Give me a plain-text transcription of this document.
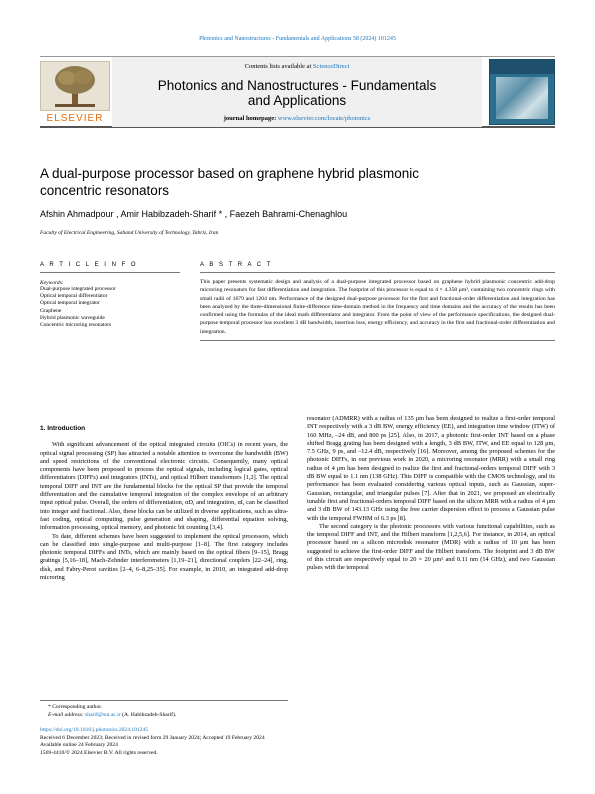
Photonics and Nanostructures - Fundamentals and Applications 58 (2024) 101245
ELSEVIER
Contents lists available at ScienceDirect
Photonics and Nanostructures - Fundamentals
and Applications
journal homepage: www.elsevier.com/locate/photonics
A dual-purpose processor based on graphene hybrid plasmonic
concentric resonators
Afshin Ahmadpour , Amir Habibzadeh-Sharif * , Faezeh Bahrami-Chenaghlou
Faculty of Electrical Engineering, Sahand University of Technology, Tabriz, Iran
A R T I C L E I N F O
Keywords:
Dual-purpose integrated processor
Optical temporal differentiator
Optical temporal integrator
Graphene
Hybrid plasmonic waveguide
Concentric microring resonators
A B S T R A C T
This paper presents systematic design and analysis of a dual-purpose integrated processor based on graphene hybrid plasmonic concentric add-drop microring resonators for fast differentiation and integration. The footprint of this processor is equal to 4 × 4.358 μm², containing two concentric rings with small radii of 1679 and 1204 nm. Performance of the designed dual-purpose processor for the first and fractional-order differentiation and integration has been analyzed by the three-dimensional finite-difference time-domain method in the frequency and time domains and the accuracy of the results has been confirmed using the formulas of the ideal math differentiator and integrator. From the point of view of the performance specifications, the designed dual-purpose temporal processor has excellent 3 dB bandwidth, insertion loss, energy efficiency, and accuracy in the first and fractional-order differentiation and integration.
1. Introduction

With significant advancement of the optical integrated circuits (OICs) in recent years, the optical signal processing (SP) has attracted a notable attention to overcome the bandwidth (BW) and speed restrictions of the conventional electronic circuits. Consequently, many optical components have been proposed to process the optical signals, including logical gates, optical differentiators (DIFFs) and integrators (INTs), and optical Hilbert transformers [1,2]. The optical temporal DIFF and INT are the fundamental blocks for the optical SP that provide the temporal differentiation and the cumulative temporal integration of the complex envelope of an arbitrary input optical pulse. Overall, the orders of differentiation, αD, and integration, αI, can be classified into integer and fractional. Also, these blocks can be utilized in diverse applications, such as ultra-fast coding, optical computing, pulse generation and shaping, differential equation solving, information processing, optical memory, and photonic bit counting [3,4].

To date, different schemes have been suggested to implement the optical processors, which can be classified into single-purpose and multi-purpose [1–8]. The first category includes photonic temporal DIFFs and INTs, which are mainly based on the optical fibers [9–15], Bragg gratings [5,16–18], Mach-Zehnder interferometers [1,19–21], directional couplers [22–24], ring, disk, and Fabry-Perot cavities [2–4, 6–8,25–35]. For example, in 2010, an integrated add-drop microring

resonator (ADMRR) with a radius of 135 μm has been designed to realize a first-order temporal INT respectively with a 3 dB BW, energy efficiency (EE), and integration time window (ITW) of 160 MHz, –24 dB, and 800 ps [25]. Also, in 2017, a photonic first-order INT based on a phase shifted Bragg grating has been designed with a length, 3 dB BW, ITW, and EE equal to 128 μm, 7.5 GHz, 9 ps, and –12.4 dB, respectively [16]. Moreover, among the proposed schemes for the photonic DIFFs, in our previous work in 2020, a microring resonator (MRR) with a small ring radius of 4 μm has been designed to realize the first and fractional-orders temporal DIFF with 3 dB BW equal to 1.1 nm (138 GHz). This DIFF is compatible with the CMOS technology, and its performance has been evaluated considering various optical inputs, such as Gaussian, super-Gaussian, rectangular, and triangular pulses [7]. After that in 2021, we proposed an electrically tunable first and fractional-orders temporal DIFF based on the silicon MRR with a radius of 4 μm and 3 dB BW of 143.13 GHz using the free carrier dispersion effect to process a Gaussian pulse with the temporal FWHM of 6.3 ps [8].

The second category is the photonic processors with various functional capabilities, such as the temporal DIFF and INT, and the Hilbert transform [1,2,5,6]. For instance, in 2014, an optical processor based on a silicon microdisk resonator (MDR) with a radius of 10 μm has been suggested to achieve the first-order DIFF and the Hilbert transform. The footprint and 3 dB BW of this circuit are respectively equal to 20 × 20 μm² and 0.11 nm (14 GHz), and two Gaussian pulses with the temporal

* Corresponding author.
E-mail address: sharif@sut.ac.ir (A. Habibzadeh-Sharif).
https://doi.org/10.1016/j.photonics.2024.101245
Received 6 December 2023; Received in revised form 29 January 2024; Accepted 19 February 2024
Available online 24 February 2024
1569-4410/© 2024 Elsevier B.V. All rights reserved.
